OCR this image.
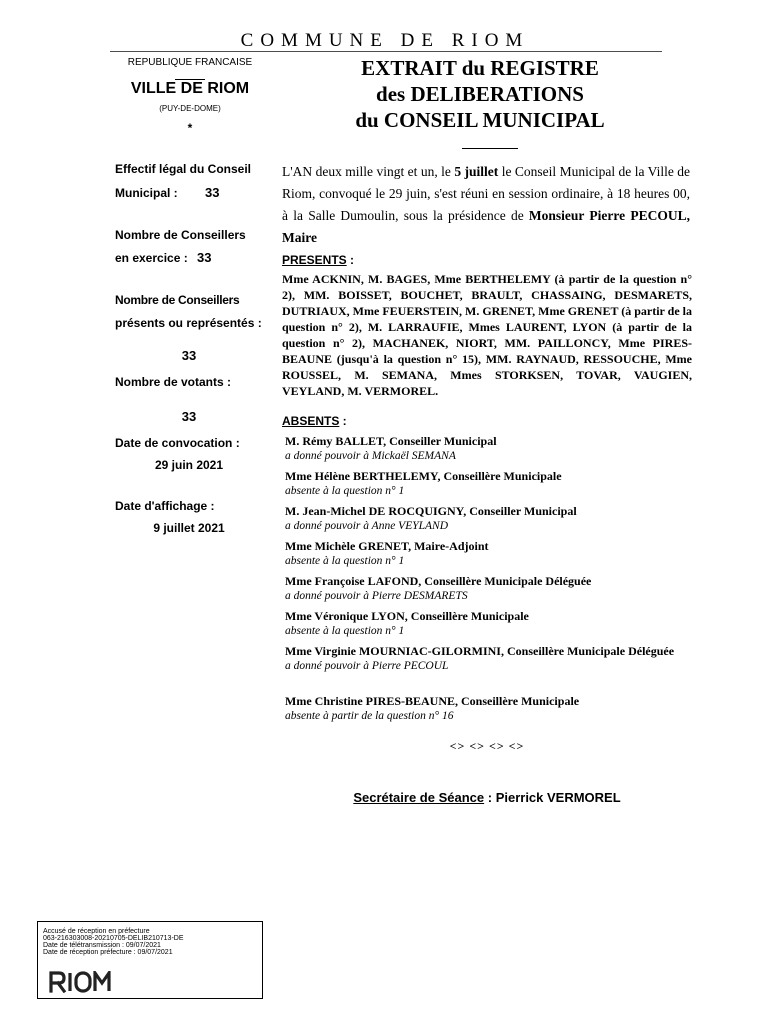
COMMUNE DE RIOM
REPUBLIQUE FRANCAISE
VILLE DE RIOM
(PUY-DE-DOME)
*
EXTRAIT du REGISTRE
des DELIBERATIONS
du CONSEIL MUNICIPAL
Effectif légal du Conseil
Municipal : 33
Nombre de Conseillers
en exercice : 33
Nombre de Conseillers
présents ou représentés :
33
Nombre de votants :
33
Date de convocation :
29 juin 2021
Date d'affichage :
9 juillet 2021
L'AN deux mille vingt et un, le 5 juillet le Conseil Municipal de la Ville de Riom, convoqué le 29 juin, s'est réuni en session ordinaire, à 18 heures 00, à la Salle Dumoulin, sous la présidence de Monsieur Pierre PECOUL, Maire
PRESENTS :
Mme ACKNIN, M. BAGES, Mme BERTHELEMY (à partir de la question n° 2), MM. BOISSET, BOUCHET, BRAULT, CHASSAING, DESMARETS, DUTRIAUX, Mme FEUERSTEIN, M. GRENET, Mme GRENET (à partir de la question n° 2), M. LARRAUFIE, Mmes LAURENT, LYON (à partir de la question n° 2), MACHANEK, NIORT, MM. PAILLONCY, Mme PIRES-BEAUNE (jusqu'à la question n° 15), MM. RAYNAUD, RESSOUCHE, Mme ROUSSEL, M. SEMANA, Mmes STORKSEN, TOVAR, VAUGIEN, VEYLAND, M. VERMOREL.
ABSENTS :
M. Rémy BALLET, Conseiller Municipal
a donné pouvoir à Mickaël SEMANA
Mme Hélène BERTHELEMY, Conseillère Municipale
absente à la question n° 1
M. Jean-Michel DE ROCQUIGNY, Conseiller Municipal
a donné pouvoir à Anne VEYLAND
Mme Michèle GRENET, Maire-Adjoint
absente à la question n° 1
Mme Françoise LAFOND, Conseillère Municipale Déléguée
a donné pouvoir à Pierre DESMARETS
Mme Véronique LYON, Conseillère Municipale
absente à la question n° 1
Mme Virginie MOURNIAC-GILORMINI, Conseillère Municipale Déléguée
a donné pouvoir à Pierre PECOUL
Mme Christine PIRES-BEAUNE, Conseillère Municipale
absente à partir de la question n° 16
<> <> <> <>
Secrétaire de Séance : Pierrick VERMOREL
Accusé de réception en préfecture
063-216303008-20210705-DELIB210713-DE
Date de télétransmission : 09/07/2021
Date de réception préfecture : 09/07/2021
